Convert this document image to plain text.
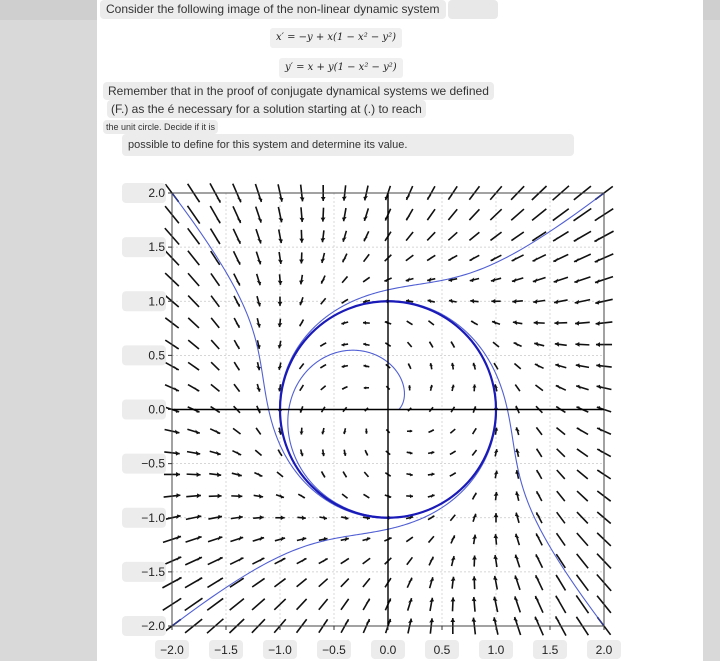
Consider the following image of the non-linear dynamic system
x′ = −y + x(1 − x² − y²)
y′ = x + y(1 − x² − y²)
Remember that in the proof of conjugate dynamical systems we defined
(F.) as the é necessary for a solution starting at (.) to reach
the unit circle. Decide if it is
possible to define for this system and determine its value.
−2.0	−1.5	−1.0	−0.5	0.0	0.5	1.0	1.5	2.0
2.0
1.5
1.0
0.5
0.0
−0.5
−1.0
−1.5
−2.0
